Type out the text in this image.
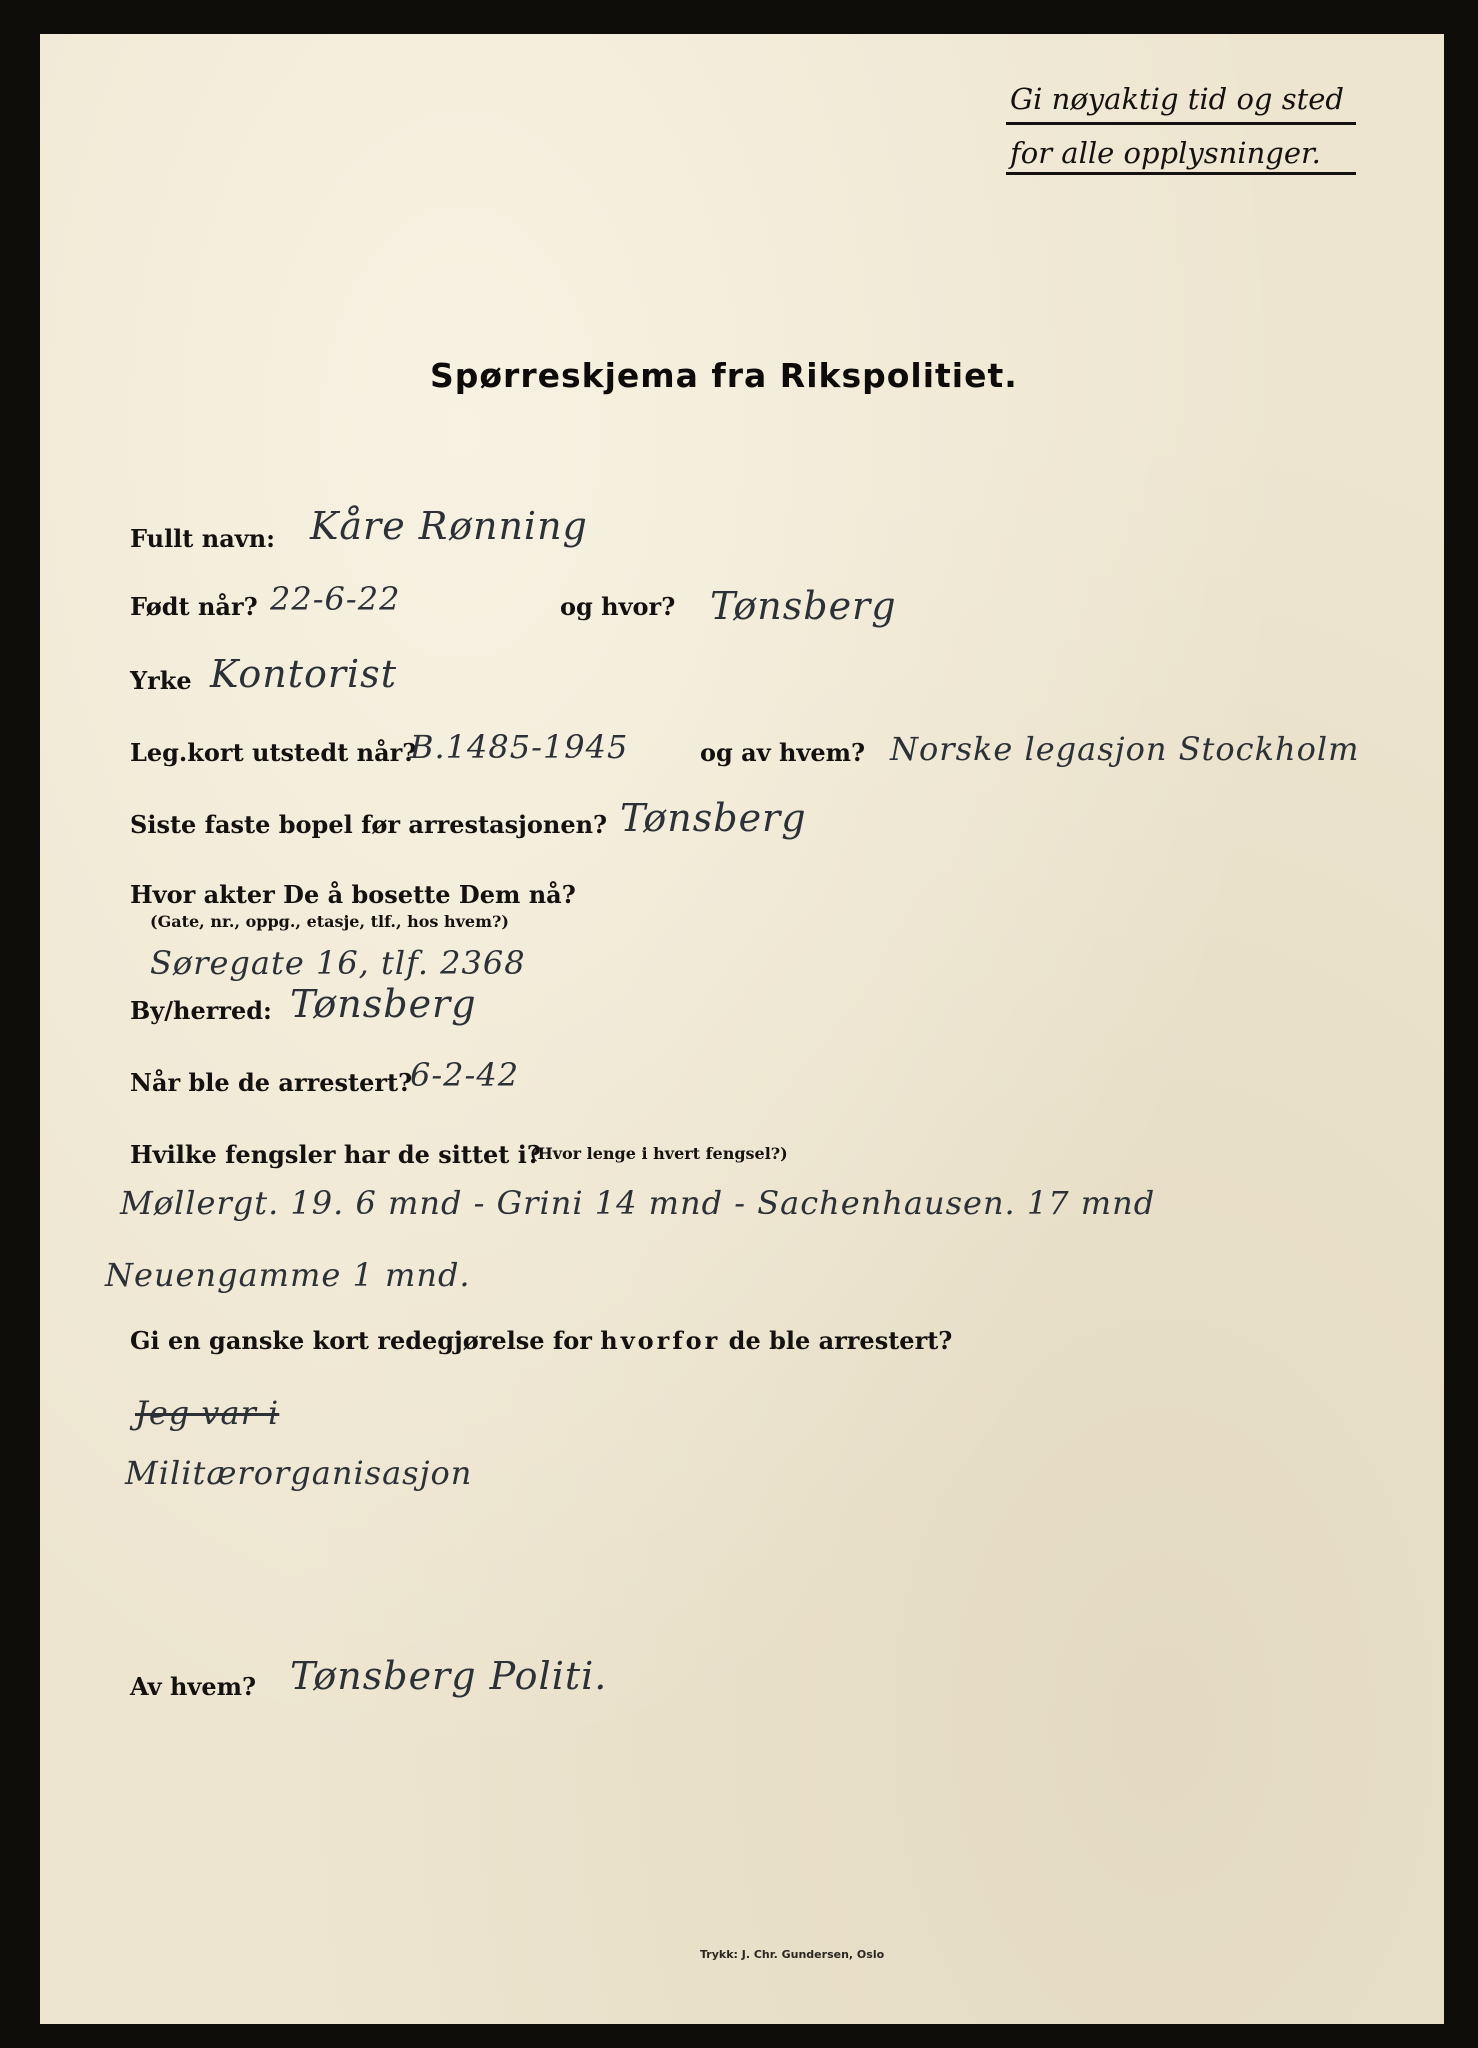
Gi nøyaktig tid og sted
for alle opplysninger.
Spørreskjema fra Rikspolitiet.
Fullt navn: Kåre Rønning
Født når? 22-6-22	og hvor? Tønsberg
Yrke Kontorist
Leg.kort utstedt når?
B.1485-1945	og av hvem? Norske legasjon Stockholm
Siste faste bopel før arrestasjonen? Tønsberg
Hvor akter De å bosette Dem nå?
(Gate, nr., oppg., etasje, tlf., hos hvem?)
Søregate 16, tlf. 2368
By/herred: Tønsberg
Når ble de arrestert?
6-2-42
Hvilke fengsler har de sittet i?
(Hvor lenge i hvert fengsel?)
Møllergt. 19. 6 mnd - Grini 14 mnd - Sachenhausen. 17 mnd
Neuengamme 1 mnd.
Gi en ganske kort redegjørelse for hvorfor de ble arrestert?
Jeg var i
Militærorganisasjon
Av hvem? Tønsberg Politi.
Trykk: J. Chr. Gundersen, Oslo
